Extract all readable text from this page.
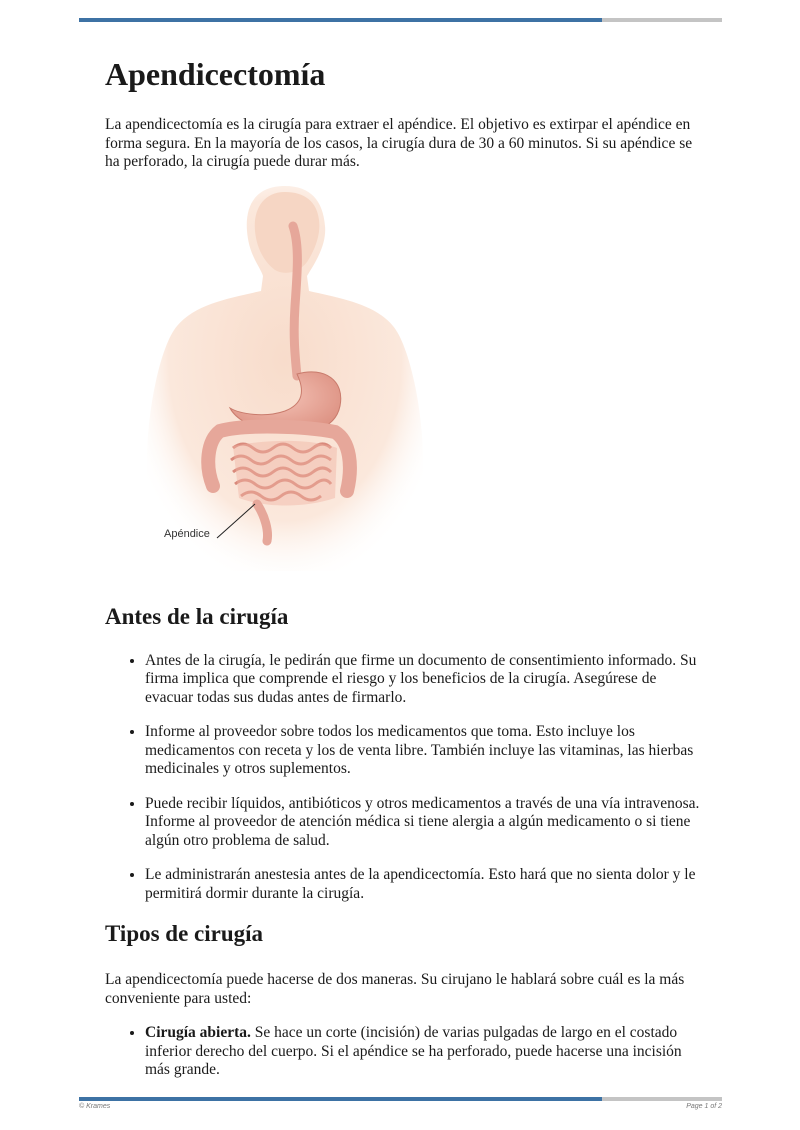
Apendicectomía

La apendicectomía es la cirugía para extraer el apéndice. El objetivo es extirpar el apéndice en forma segura. En la mayoría de los casos, la cirugía dura de 30 a 60 minutos. Si su apéndice se ha perforado, la cirugía puede durar más.

Apéndice
Antes de la cirugía
• Antes de la cirugía, le pedirán que firme un documento de consentimiento informado. Su firma implica que comprende el riesgo y los beneficios de la cirugía. Asegúrese de evacuar todas sus dudas antes de firmarlo.
• Informe al proveedor sobre todos los medicamentos que toma. Esto incluye los medicamentos con receta y los de venta libre. También incluye las vitaminas, las hierbas medicinales y otros suplementos.
• Puede recibir líquidos, antibióticos y otros medicamentos a través de una vía intravenosa. Informe al proveedor de atención médica si tiene alergia a algún medicamento o si tiene algún otro problema de salud.
• Le administrarán anestesia antes de la apendicectomía. Esto hará que no sienta dolor y le permitirá dormir durante la cirugía.
Tipos de cirugía

La apendicectomía puede hacerse de dos maneras. Su cirujano le hablará sobre cuál es la más conveniente para usted:

• Cirugía abierta. Se hace un corte (incisión) de varias pulgadas de largo en el costado inferior derecho del cuerpo. Si el apéndice se ha perforado, puede hacerse una incisión más grande.
© Krames	Page 1 of 2
